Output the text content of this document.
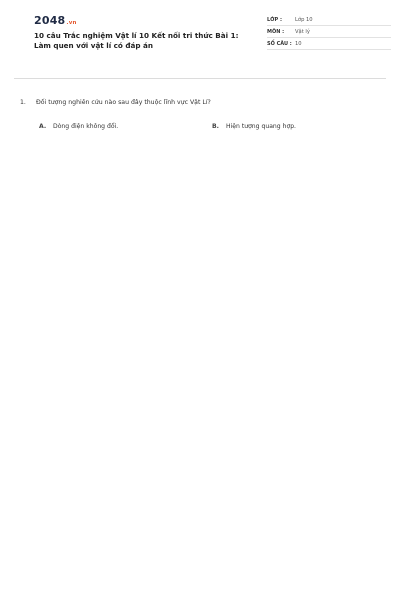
2048.vn
10 câu Trắc nghiệm Vật lí 10 Kết nối tri thức Bài 1: Làm quen với vật lí có đáp án
LỚP :	Lớp 10
MÔN :	Vật lý
SỐ CÂU : 10
1.	Đối tượng nghiên cứu nào sau đây thuộc lĩnh vực Vật Lí?
A.	Dòng điện không đổi.	B.	Hiện tượng quang hợp.
